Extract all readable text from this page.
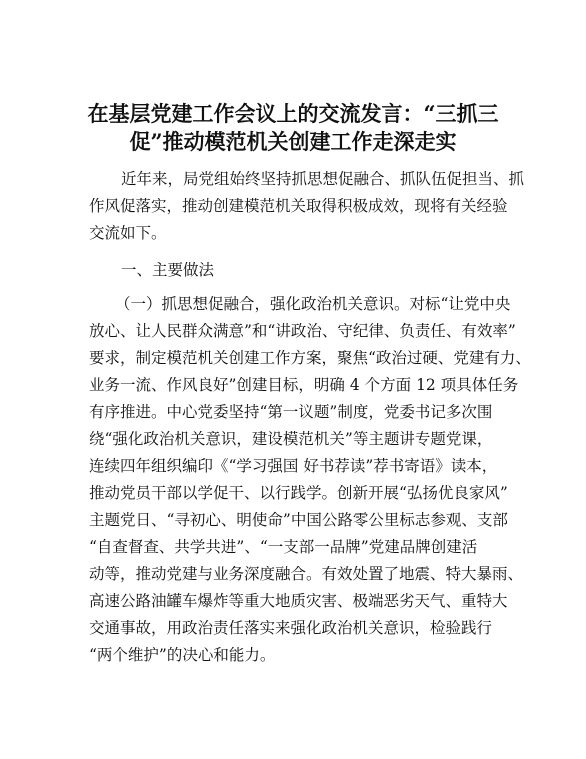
在基层党建工作会议上的交流发言：“三抓三
促”推动模范机关创建工作走深走实
近年来，局党组始终坚持抓思想促融合、抓队伍促担当、抓
作风促落实，推动创建模范机关取得积极成效，现将有关经验
交流如下。
一、主要做法
（一）抓思想促融合，强化政治机关意识。对标“让党中央
放心、让人民群众满意”和“讲政治、守纪律、负责任、有效率”
要求，制定模范机关创建工作方案，聚焦“政治过硬、党建有力、
业务一流、作风良好”创建目标，明确 4 个方面 12 项具体任务
有序推进。中心党委坚持“第一议题”制度，党委书记多次围
绕“强化政治机关意识，建设模范机关”等主题讲专题党课，
连续四年组织编印《“学习强国 好书荐读”荐书寄语》读本，
推动党员干部以学促干、以行践学。创新开展“弘扬优良家风”
主题党日、“寻初心、明使命”中国公路零公里标志参观、支部
“自查督查、共学共进”、“一支部一品牌”党建品牌创建活
动等，推动党建与业务深度融合。有效处置了地震、特大暴雨、
高速公路油罐车爆炸等重大地质灾害、极端恶劣天气、重特大
交通事故，用政治责任落实来强化政治机关意识，检验践行
“两个维护”的决心和能力。
